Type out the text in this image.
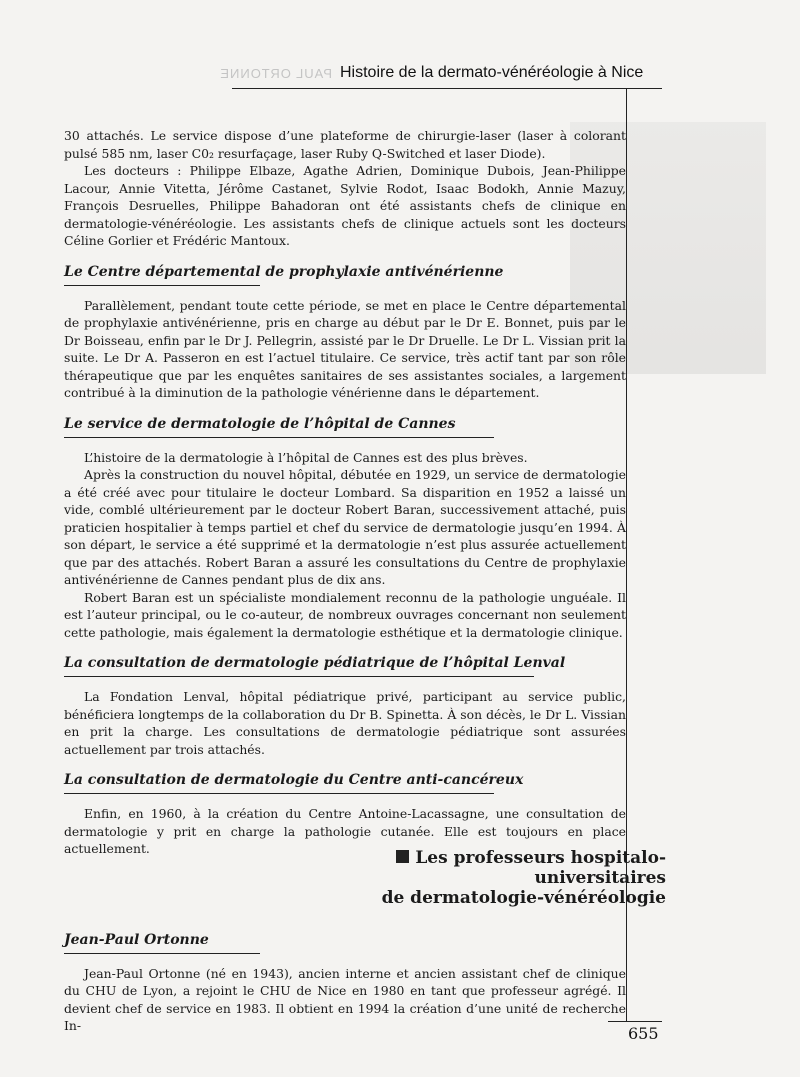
PAUL ORTONNE Histoire de la dermato-vénéréologie à Nice

30 attachés. Le service dispose d’une plateforme de chirurgie-laser (laser à colorant pulsé 585 nm, laser C0₂ resurfaçage, laser Ruby Q-Switched et laser Diode).

Les docteurs : Philippe Elbaze, Agathe Adrien, Dominique Dubois, Jean-Philippe Lacour, Annie Vitetta, Jérôme Castanet, Sylvie Rodot, Isaac Bodokh, Annie Mazuy, François Desruelles, Philippe Bahadoran ont été assistants chefs de clinique en dermatologie-vénéréologie. Les assistants chefs de clinique actuels sont les docteurs Céline Gorlier et Frédéric Mantoux.

Le Centre départemental de prophylaxie antivénérienne

Parallèlement, pendant toute cette période, se met en place le Centre départemental de prophylaxie antivénérienne, pris en charge au début par le Dr E. Bonnet, puis par le Dr Boisseau, enfin par le Dr J. Pellegrin, assisté par le Dr Druelle. Le Dr L. Vissian prit la suite. Le Dr A. Passeron en est l’actuel titulaire. Ce service, très actif tant par son rôle thérapeutique que par les enquêtes sanitaires de ses assistantes sociales, a largement contribué à la diminution de la pathologie vénérienne dans le département.

Le service de dermatologie de l’hôpital de Cannes

L’histoire de la dermatologie à l’hôpital de Cannes est des plus brèves.

Après la construction du nouvel hôpital, débutée en 1929, un service de dermatologie a été créé avec pour titulaire le docteur Lombard. Sa disparition en 1952 a laissé un vide, comblé ultérieurement par le docteur Robert Baran, successivement attaché, puis praticien hospitalier à temps partiel et chef du service de dermatologie jusqu’en 1994. À son départ, le service a été supprimé et la dermatologie n’est plus assurée actuellement que par des attachés. Robert Baran a assuré les consultations du Centre de prophylaxie antivénérienne de Cannes pendant plus de dix ans.

Robert Baran est un spécialiste mondialement reconnu de la pathologie unguéale. Il est l’auteur principal, ou le co-auteur, de nombreux ouvrages concernant non seulement cette pathologie, mais également la dermatologie esthétique et la dermatologie clinique.

La consultation de dermatologie pédiatrique de l’hôpital Lenval

La Fondation Lenval, hôpital pédiatrique privé, participant au service public, bénéficiera longtemps de la collaboration du Dr B. Spinetta. À son décès, le Dr L. Vissian en prit la charge. Les consultations de dermatologie pédiatrique sont assurées actuellement par trois attachés.

La consultation de dermatologie du Centre anti-cancéreux

Enfin, en 1960, à la création du Centre Antoine-Lacassagne, une consultation de dermatologie y prit en charge la pathologie cutanée. Elle est toujours en place actuellement.

Jean-Paul Ortonne

Jean-Paul Ortonne (né en 1943), ancien interne et ancien assistant chef de clinique du CHU de Lyon, a rejoint le CHU de Nice en 1980 en tant que professeur agrégé. Il devient chef de service en 1983. Il obtient en 1994 la création d’une unité de recherche In-

Les professeurs hospitalo-universitaires
de dermatologie-vénéréologie
655
